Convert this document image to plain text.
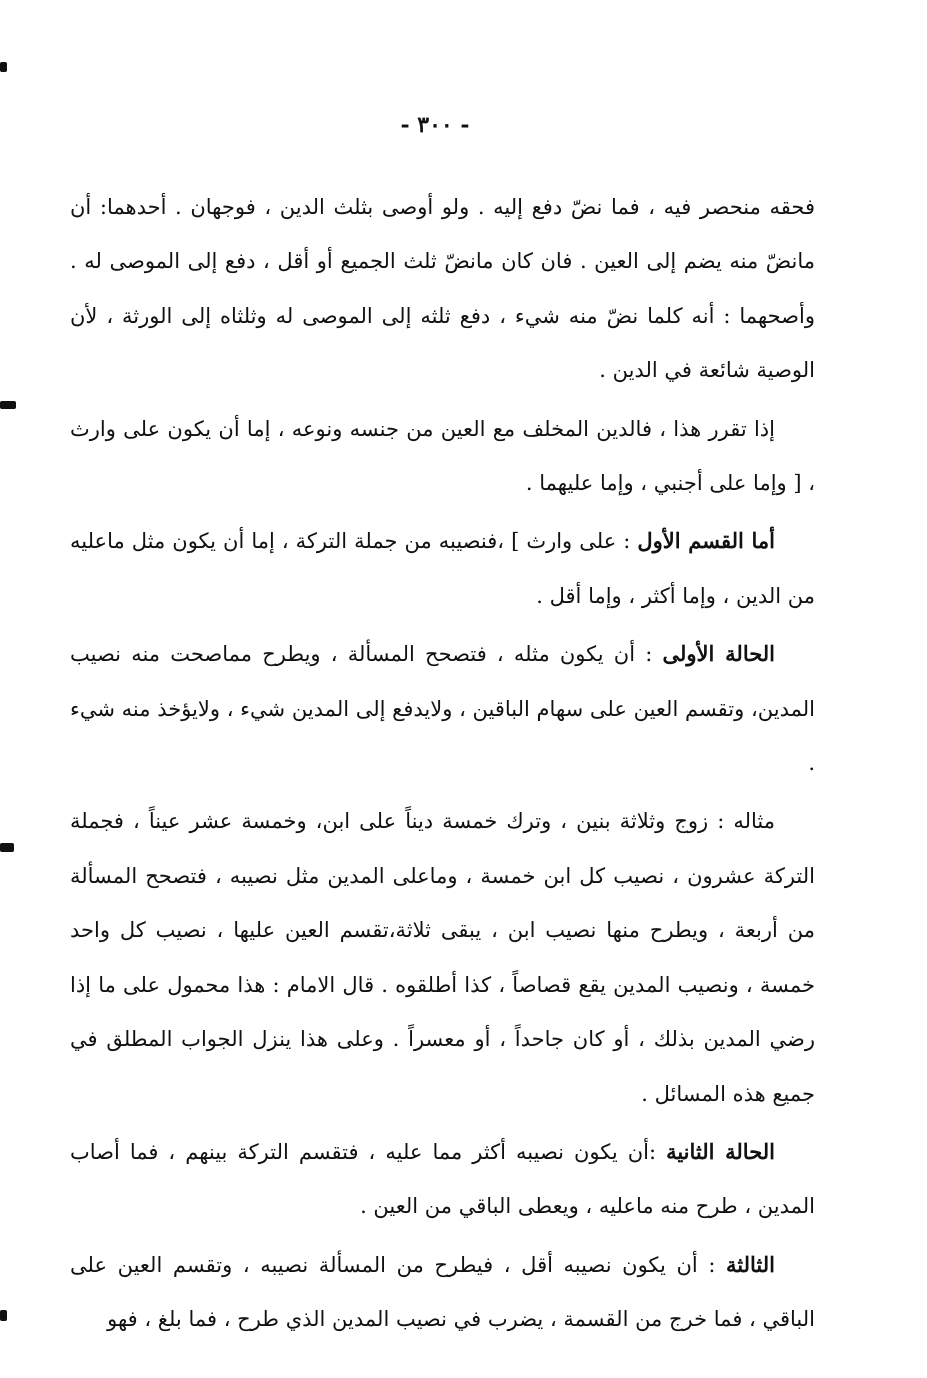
- ٣٠٠ -

فحقه منحصر فيه ، فما نضّ دفع إليه . ولو أوصى بثلث الدين ، فوجهان . أحدهما: أن مانضّ منه يضم إلى العين . فان كان مانضّ ثلث الجميع أو أقل ، دفع إلى الموصى له . وأصحهما : أنه كلما نضّ منه شيء ، دفع ثلثه إلى الموصى له وثلثاه إلى الورثة ، لأن الوصية شائعة في الدين .

إذا تقرر هذا ، فالدين المخلف مع العين من جنسه ونوعه ، إما أن يكون على وارث ، [ وإما على أجنبي ، وإما عليهما .

أما القسم الأول : على وارث ] ،فنصيبه من جملة التركة ، إما أن يكون مثل ماعليه من الدين ، وإما أكثر ، وإما أقل .

الحالة الأولى : أن يكون مثله ، فتصحح المسألة ، ويطرح مماصحت منه نصيب المدين، وتقسم العين على سهام الباقين ، ولايدفع إلى المدين شيء ، ولايؤخذ منه شيء .

مثاله : زوج وثلاثة بنين ، وترك خمسة ديناً على ابن، وخمسة عشر عيناً ، فجملة التركة عشرون ، نصيب كل ابن خمسة ، وماعلى المدين مثل نصيبه ، فتصحح المسألة من أربعة ، ويطرح منها نصيب ابن ، يبقى ثلاثة،تقسم العين عليها ، نصيب كل واحد خمسة ، ونصيب المدين يقع قصاصاً ، كذا أطلقوه . قال الامام : هذا محمول على ما إذا رضي المدين بذلك ، أو كان جاحداً ، أو معسراً . وعلى هذا ينزل الجواب المطلق في جميع هذه المسائل .

الحالة الثانية :أن يكون نصيبه أكثر مما عليه ، فتقسم التركة بينهم ، فما أصاب المدين ، طرح منه ماعليه ، ويعطى الباقي من العين .

الثالثة : أن يكون نصيبه أقل ، فيطرح من المسألة نصيبه ، وتقسم العين على الباقي ، فما خرج من القسمة ، يضرب في نصيب المدين الذي طرح ، فما بلغ ، فهو
